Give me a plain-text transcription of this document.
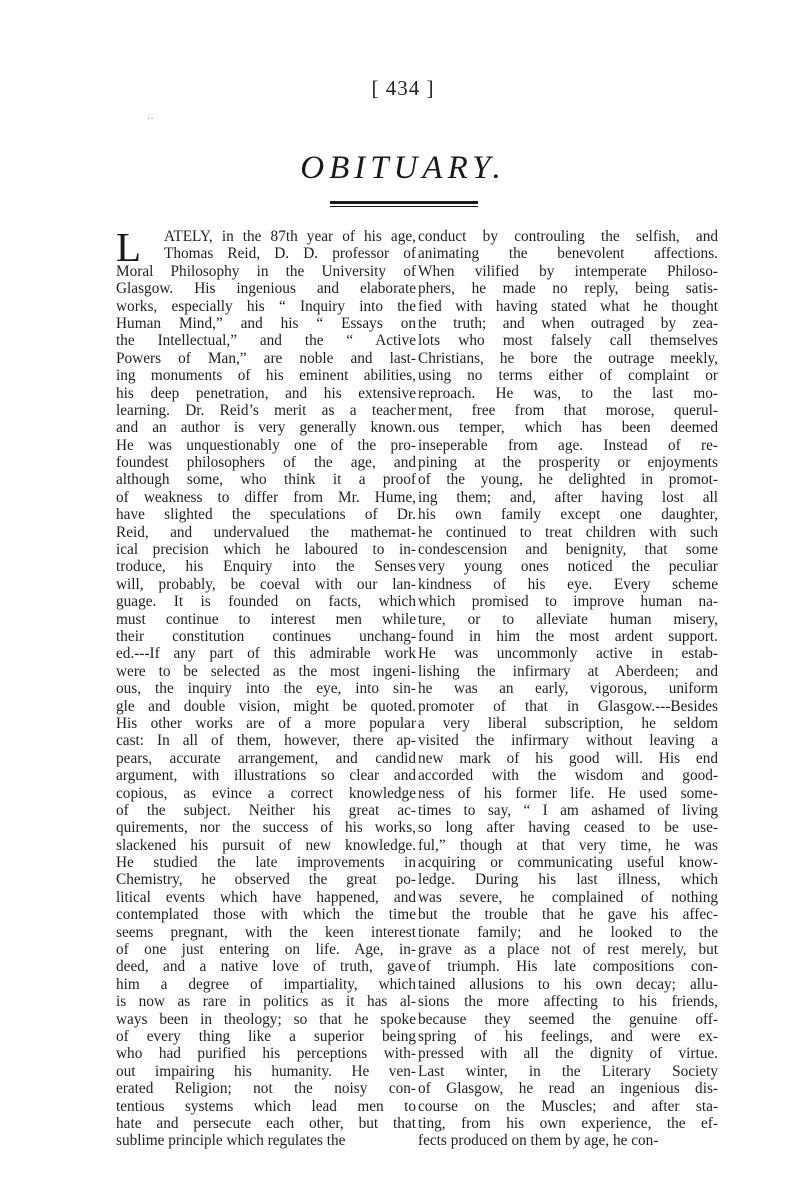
[ 434 ]
OBITUARY.
L	ATELY, in the 87th year of his age,
Thomas Reid, D. D. professor of
Moral Philosophy in the University of
Glasgow. His ingenious and elaborate
works, especially his “ Inquiry into the
Human Mind,” and his “ Essays on
the Intellectual,” and the “ Active
Powers of Man,” are noble and last-
ing monuments of his eminent abilities,
his deep penetration, and his extensive
learning. Dr. Reid’s merit as a teacher
and an author is very generally known.
He was unquestionably one of the pro-
foundest philosophers of the age, and
although some, who think it a proof
of weakness to differ from Mr. Hume,
have slighted the speculations of Dr.
Reid, and undervalued the mathemat-
ical precision which he laboured to in-
troduce, his Enquiry into the Senses
will, probably, be coeval with our lan-
guage. It is founded on facts, which
must continue to interest men while
their constitution continues unchang-
ed.---If any part of this admirable work
were to be selected as the most ingeni-
ous, the inquiry into the eye, into sin-
gle and double vision, might be quoted.
His other works are of a more popular
cast: In all of them, however, there ap-
pears, accurate arrangement, and candid
argument, with illustrations so clear and
copious, as evince a correct knowledge
of the subject. Neither his great ac-
quirements, nor the success of his works,
slackened his pursuit of new knowledge.
He studied the late improvements in
Chemistry, he observed the great po-
litical events which have happened, and
contemplated those with which the time
seems pregnant, with the keen interest
of one just entering on life. Age, in-
deed, and a native love of truth, gave
him a degree of impartiality, which
is now as rare in politics as it has al-
ways been in theology; so that he spoke
of every thing like a superior being
who had purified his perceptions with-
out impairing his humanity. He ven-
erated Religion; not the noisy con-
tentious systems which lead men to
hate and persecute each other, but that
sublime principle which regulates the
conduct by controuling the selfish, and
animating the benevolent affections.
When vilified by intemperate Philoso-
phers, he made no reply, being satis-
fied with having stated what he thought
the truth; and when outraged by zea-
lots who most falsely call themselves
Christians, he bore the outrage meekly,
using no terms either of complaint or
reproach. He was, to the last mo-
ment, free from that morose, querul-
ous temper, which has been deemed
inseperable from age. Instead of re-
pining at the prosperity or enjoyments
of the young, he delighted in promot-
ing them; and, after having lost all
his own family except one daughter,
he continued to treat children with such
condescension and benignity, that some
very young ones noticed the peculiar
kindness of his eye. Every scheme
which promised to improve human na-
ture, or to alleviate human misery,
found in him the most ardent support.
He was uncommonly active in estab-
lishing the infirmary at Aberdeen; and
he was an early, vigorous, uniform
promoter of that in Glasgow.---Besides
a very liberal subscription, he seldom
visited the infirmary without leaving a
new mark of his good will. His end
accorded with the wisdom and good-
ness of his former life. He used some-
times to say, “ I am ashamed of living
so long after having ceased to be use-
ful,” though at that very time, he was
acquiring or communicating useful know-
ledge. During his last illness, which
was severe, he complained of nothing
but the trouble that he gave his affec-
tionate family; and he looked to the
grave as a place not of rest merely, but
of triumph. His late compositions con-
tained allusions to his own decay; allu-
sions the more affecting to his friends,
because they seemed the genuine off-
spring of his feelings, and were ex-
pressed with all the dignity of virtue.
Last winter, in the Literary Society
of Glasgow, he read an ingenious dis-
course on the Muscles; and after sta-
ting, from his own experience, the ef-
fects produced on them by age, he con-
··
